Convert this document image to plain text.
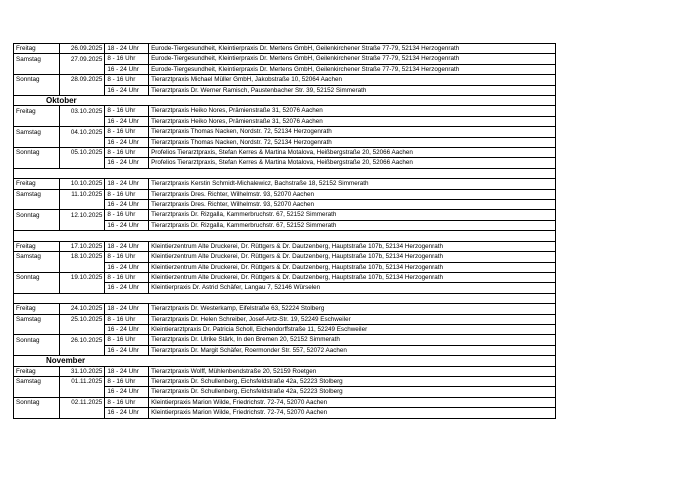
Freitag	26.09.2025	18 - 24 Uhr	Eurode-Tiergesundheit, Kleintierpraxis Dr. Mertens GmbH, Geilenkirchener Straße 77-79, 52134 Herzogenrath
Samstag	27.09.2025	8 - 16 Uhr	Eurode-Tiergesundheit, Kleintierpraxis Dr. Mertens GmbH, Geilenkirchener Straße 77-79, 52134 Herzogenrath
		16 - 24 Uhr	Eurode-Tiergesundheit, Kleintierpraxis Dr. Mertens GmbH, Geilenkirchener Straße 77-79, 52134 Herzogenrath
Sonntag	28.09.2025	8 - 16 Uhr	Tierarztpraxis Michael Müller GmbH, Jakobstraße 10, 52064 Aachen
		16 - 24 Uhr	Tierarztpraxis Dr. Werner Ramisch, Paustenbacher Str. 39, 52152 Simmerath

Oktober			

Freitag	03.10.2025	8 - 16 Uhr	Tierarztpraxis Heiko Nores, Prämienstraße 31, 52076 Aachen
		16 - 24 Uhr	Tierarztpraxis Heiko Nores, Prämienstraße 31, 52076 Aachen
Samstag	04.10.2025	8 - 16 Uhr	Tierarztpraxis Thomas Nacken, Nordstr. 72, 52134 Herzogenrath
		16 - 24 Uhr	Tierarztpraxis Thomas Nacken, Nordstr. 72, 52134 Herzogenrath
Sonntag	05.10.2025	8 - 16 Uhr	Profelios Tierarztpraxis, Stefan Kerres & Martina Motalova, Heißbergstraße 20, 52066 Aachen
		16 - 24 Uhr	Profelios Tierarztpraxis, Stefan Kerres & Martina Motalova, Heißbergstraße 20, 52066 Aachen

Freitag	10.10.2025	18 - 24 Uhr	Tierarztpraxis Kerstin Schmidt-Michalewicz, Bachstraße 18, 52152 Simmerath
Samstag	11.10.2025	8 - 16 Uhr	Tierarztpraxis Dres. Richter, Wilhelmstr. 93, 52070 Aachen
		16 - 24 Uhr	Tierarztpraxis Dres. Richter, Wilhelmstr. 93, 52070 Aachen
Sonntag	12.10.2025	8 - 16 Uhr	Tierarztpraxis Dr. Rizgalla, Kammerbruchstr. 67, 52152 Simmerath
		16 - 24 Uhr	Tierarztpraxis Dr. Rizgalla, Kammerbruchstr. 67, 52152 Simmerath

Freitag	17.10.2025	18 - 24 Uhr	Kleintierzentrum Alte Druckerei, Dr. Rüttgers & Dr. Dautzenberg, Hauptstraße 107b, 52134 Herzogenrath
Samstag	18.10.2025	8 - 16 Uhr	Kleintierzentrum Alte Druckerei, Dr. Rüttgers & Dr. Dautzenberg, Hauptstraße 107b, 52134 Herzogenrath
		16 - 24 Uhr	Kleintierzentrum Alte Druckerei, Dr. Rüttgers & Dr. Dautzenberg, Hauptstraße 107b, 52134 Herzogenrath
Sonntag	19.10.2025	8 - 16 Uhr	Kleintierzentrum Alte Druckerei, Dr. Rüttgers & Dr. Dautzenberg, Hauptstraße 107b, 52134 Herzogenrath
		16 - 24 Uhr	Kleintierpraxis Dr. Astrid Schäfer, Langau 7, 52146 Würselen

Freitag	24.10.2025	18 - 24 Uhr	Tierarztpraxis Dr. Westerkamp, Eifelstraße 63, 52224 Stolberg
Samstag	25.10.2025	8 - 16 Uhr	Tierarztpraxis Dr. Helen Schreiber, Josef-Artz-Str. 19, 52249 Eschweiler
		16 - 24 Uhr	Kleintierarztpraxis Dr. Patricia Scholl, Eichendorffstraße 11, 52249 Eschweiler
Sonntag	26.10.2025	8 - 16 Uhr	Tierarztpraxis Dr. Ulrike Stärk, In den Bremen 20, 52152 Simmerath
		16 - 24 Uhr	Tierarztpraxis Dr. Margit Schäfer, Roermonder Str. 557, 52072 Aachen

November			

Freitag	31.10.2025	18 - 24 Uhr	Tierarztpraxis Wolff, Mühlenbendstraße 20, 52159 Roetgen
Samstag	01.11.2025	8 - 16 Uhr	Tierarztpraxis Dr. Schullenberg, Eichsfeldstraße 42a, 52223 Stolberg
		16 - 24 Uhr	Tierarztpraxis Dr. Schullenberg, Eichsfeldstraße 42a, 52223 Stolberg
Sonntag	02.11.2025	8 - 16 Uhr	Kleintierpraxis Marion Wilde, Friedrichstr. 72-74, 52070 Aachen
		16 - 24 Uhr	Kleintierpraxis Marion Wilde, Friedrichstr. 72-74, 52070 Aachen
